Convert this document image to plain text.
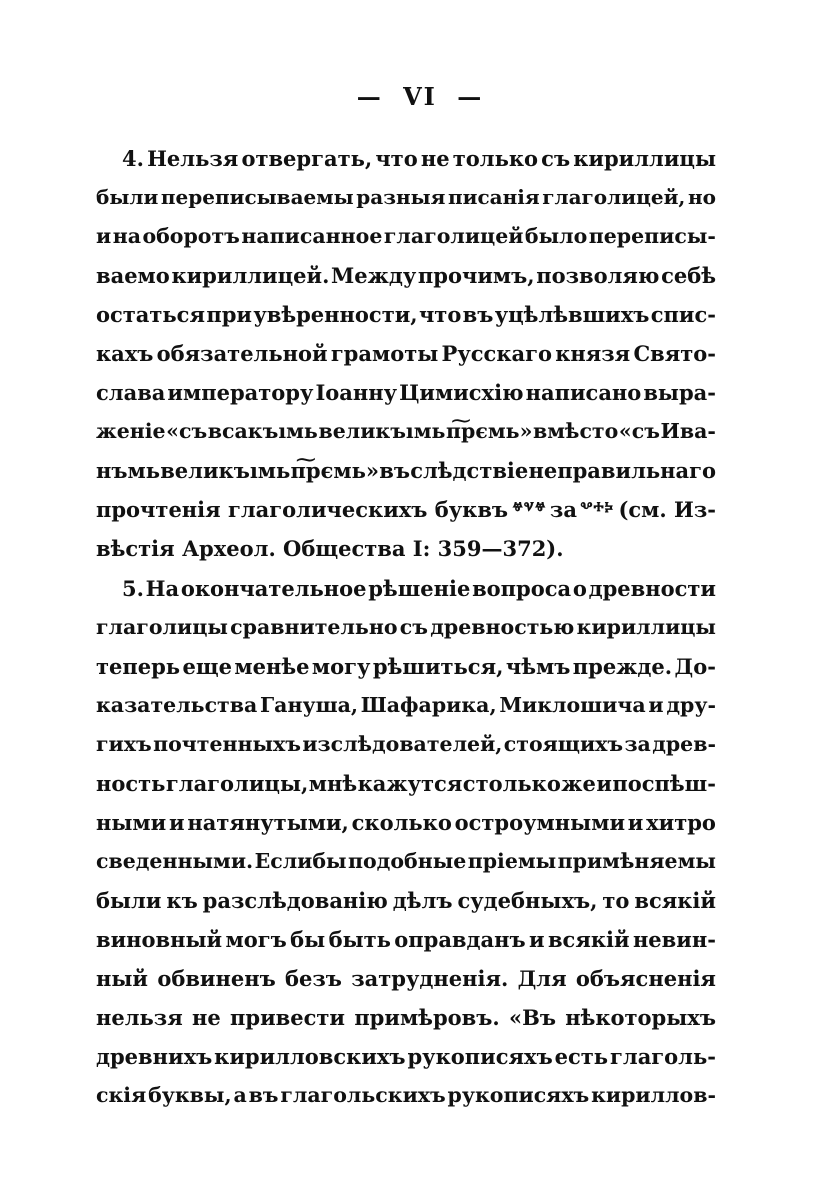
— VI —
4. Нельзя отвергать, что не только съ кириллицы
были переписываемы разныя писанія глаголицей, но
и на оборотъ написанное глаголицей было переписы-
ваемо кириллицей. Между прочимъ, позволяю себѣ
остаться при увѣренности, что въ уцѣлѣвшихъ спис-
кахъ обязательной грамоты Русскаго князя Свято-
слава императору Іоанну Цимисхію написано выра-
женіе «съ всакъıмь великъıмь п͠рємь» вмѣсто «съ Ива-
нъмь великъıмь п͠рємь» въ слѣдствіе неправильнаго
прочтенія глаголическихъ буквъ ⱍⱌⱍ за ⰲⰰⰽ (см. Из-
вѣстія Археол. Общества I: 359—372).
5. На окончательное рѣшеніе вопроса о древности
глаголицы сравнительно съ древностью кириллицы
теперь еще менѣе могу рѣшиться, чѣмъ прежде. До-
казательства Гануша, Шафарика, Миклошича и дру-
гихъ почтенныхъ изслѣдователей, стоящихъ за древ-
ность глаголицы, мнѣ кажутся столько же и поспѣш-
ными и натянутыми, сколько остроумными и хитро
сведенными. Еслибы подобные пріемы примѣняемы
были къ разслѣдованію дѣлъ судебныхъ, то всякій
виновный могъ бы быть оправданъ и всякій невин-
ный обвиненъ безъ затрудненія. Для объясненія
нельзя не привести примѣровъ. «Въ нѣкоторыхъ
древнихъ кирилловскихъ рукописяхъ есть глаголь-
скія буквы, а въ глагольскихъ рукописяхъ кириллов-
